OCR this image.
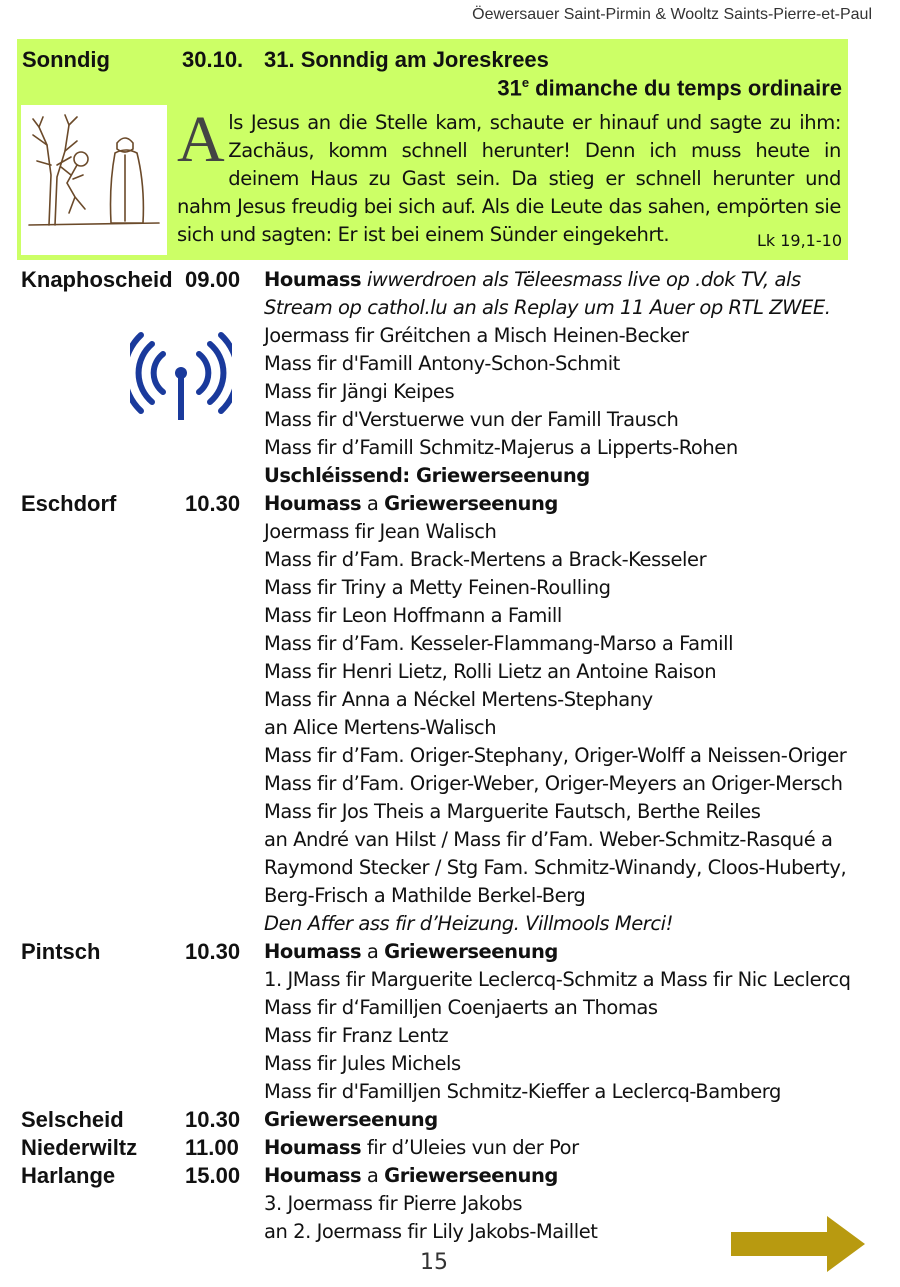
Öewersauer Saint-Pirmin & Wooltz Saints-Pierre-et-Paul
Sonndig	30.10. 31. Sonndig am Joreskrees
31e dimanche du temps ordinaire
Als Jesus an die Stelle kam, schaute er hinauf und sagte zu ihm: Zachäus, komm schnell herunter! Denn ich muss heute in deinem Haus zu Gast sein. Da stieg er schnell herunter und nahm Jesus freudig bei sich auf. Als die Leute das sahen, empörten sie sich und sagten: Er ist bei einem Sünder eingekehrt.	Lk 19,1-10
Knaphoscheid 09.00 Houmass iwwerdroen als Tëleesmass live op .dok TV, als
Stream op cathol.lu an als Replay um 11 Auer op RTL ZWEE.
Joermass fir Gréitchen a Misch Heinen-Becker
Mass fir d'Famill Antony-Schon-Schmit
Mass fir Jängi Keipes
Mass fir d'Verstuerwe vun der Famill Trausch
Mass fir d’Famill Schmitz-Majerus a Lipperts-Rohen
Uschléissend: Griewerseenung
Eschdorf	10.30 Houmass a Griewerseenung
Joermass fir Jean Walisch
Mass fir d’Fam. Brack-Mertens a Brack-Kesseler
Mass fir Triny a Metty Feinen-Roulling
Mass fir Leon Hoffmann a Famill
Mass fir d’Fam. Kesseler-Flammang-Marso a Famill
Mass fir Henri Lietz, Rolli Lietz an Antoine Raison
Mass fir Anna a Néckel Mertens-Stephany
an Alice Mertens-Walisch
Mass fir d’Fam. Origer-Stephany, Origer-Wolff a Neissen-Origer
Mass fir d’Fam. Origer-Weber, Origer-Meyers an Origer-Mersch
Mass fir Jos Theis a Marguerite Fautsch, Berthe Reiles
an André van Hilst / Mass fir d’Fam. Weber-Schmitz-Rasqué a
Raymond Stecker / Stg Fam. Schmitz-Winandy, Cloos-Huberty,
Berg-Frisch a Mathilde Berkel-Berg
Den Affer ass fir d’Heizung. Villmools Merci!
Pintsch	10.30 Houmass a Griewerseenung
1. JMass fir Marguerite Leclercq-Schmitz a Mass fir Nic Leclercq
Mass fir d‘Familljen Coenjaerts an Thomas
Mass fir Franz Lentz
Mass fir Jules Michels
Mass fir d'Familljen Schmitz-Kieffer a Leclercq-Bamberg
Selscheid	10.30 Griewerseenung
Niederwiltz 11.00 Houmass fir d’Uleies vun der Por
Harlange	15.00 Houmass a Griewerseenung
3. Joermass fir Pierre Jakobs
an 2. Joermass fir Lily Jakobs-Maillet
15
